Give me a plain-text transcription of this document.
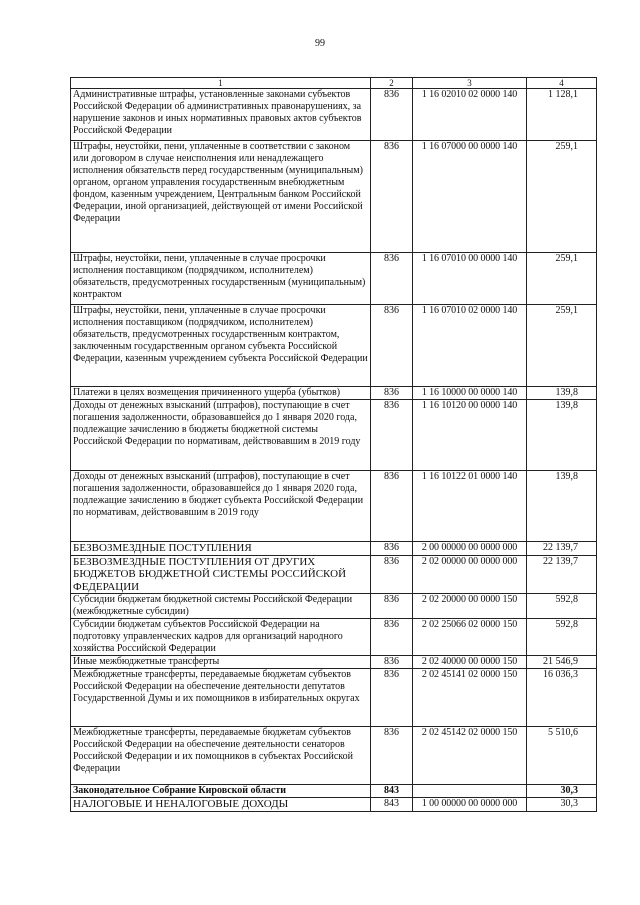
99
1	2	3	4
Административные штрафы, установленные законами субъектов Российской Федерации об административных правонарушениях, за нарушение законов и иных нормативных правовых актов субъектов Российской Федерации	836	1 16 02010 02 0000 140	1 128,1
Штрафы, неустойки, пени, уплаченные в соответствии с законом или договором в случае неисполнения или ненадлежащего исполнения обязательств перед государственным (муниципальным) органом, органом управления государственным внебюджетным фондом, казенным учреждением, Центральным банком Российской Федерации, иной организацией, действующей от имени Российской Федерации	836	1 16 07000 00 0000 140	259,1
Штрафы, неустойки, пени, уплаченные в случае просрочки исполнения поставщиком (подрядчиком, исполнителем) обязательств, предусмотренных государственным (муниципальным) контрактом	836	1 16 07010 00 0000 140	259,1
Штрафы, неустойки, пени, уплаченные в случае просрочки исполнения поставщиком (подрядчиком, исполнителем) обязательств, предусмотренных государственным контрактом, заключенным государственным органом субъекта Российской Федерации, казенным учреждением субъекта Российской Федерации	836	1 16 07010 02 0000 140	259,1
Платежи в целях возмещения причиненного ущерба (убытков)	836	1 16 10000 00 0000 140	139,8
Доходы от денежных взысканий (штрафов), поступающие в счет погашения задолженности, образовавшейся до 1 января 2020 года, подлежащие зачислению в бюджеты бюджетной системы Российской Федерации по нормативам, действовавшим в 2019 году	836	1 16 10120 00 0000 140	139,8
Доходы от денежных взысканий (штрафов), поступающие в счет погашения задолженности, образовавшейся до 1 января 2020 года, подлежащие зачислению в бюджет субъекта Российской Федерации по нормативам, действовавшим в 2019 году	836	1 16 10122 01 0000 140	139,8
БЕЗВОЗМЕЗДНЫЕ ПОСТУПЛЕНИЯ	836	2 00 00000 00 0000 000	22 139,7
БЕЗВОЗМЕЗДНЫЕ ПОСТУПЛЕНИЯ ОТ ДРУГИХ БЮДЖЕТОВ БЮДЖЕТНОЙ СИСТЕМЫ РОССИЙСКОЙ ФЕДЕРАЦИИ	836	2 02 00000 00 0000 000	22 139,7
Субсидии бюджетам бюджетной системы Российской Федерации (межбюджетные субсидии)	836	2 02 20000 00 0000 150	592,8
Субсидии бюджетам субъектов Российской Федерации на подготовку управленческих кадров для организаций народного хозяйства Российской Федерации	836	2 02 25066 02 0000 150	592,8
Иные межбюджетные трансферты	836	2 02 40000 00 0000 150	21 546,9
Межбюджетные трансферты, передаваемые бюджетам субъектов Российской Федерации на обеспечение деятельности депутатов Государственной Думы и их помощников в избирательных округах	836	2 02 45141 02 0000 150	16 036,3
Межбюджетные трансферты, передаваемые бюджетам субъектов Российской Федерации на обеспечение деятельности сенаторов Российской Федерации и их помощников в субъектах Российской Федерации	836	2 02 45142 02 0000 150	5 510,6
Законодательное Собрание Кировской области	843		30,3
НАЛОГОВЫЕ И НЕНАЛОГОВЫЕ ДОХОДЫ	843	1 00 00000 00 0000 000	30,3
